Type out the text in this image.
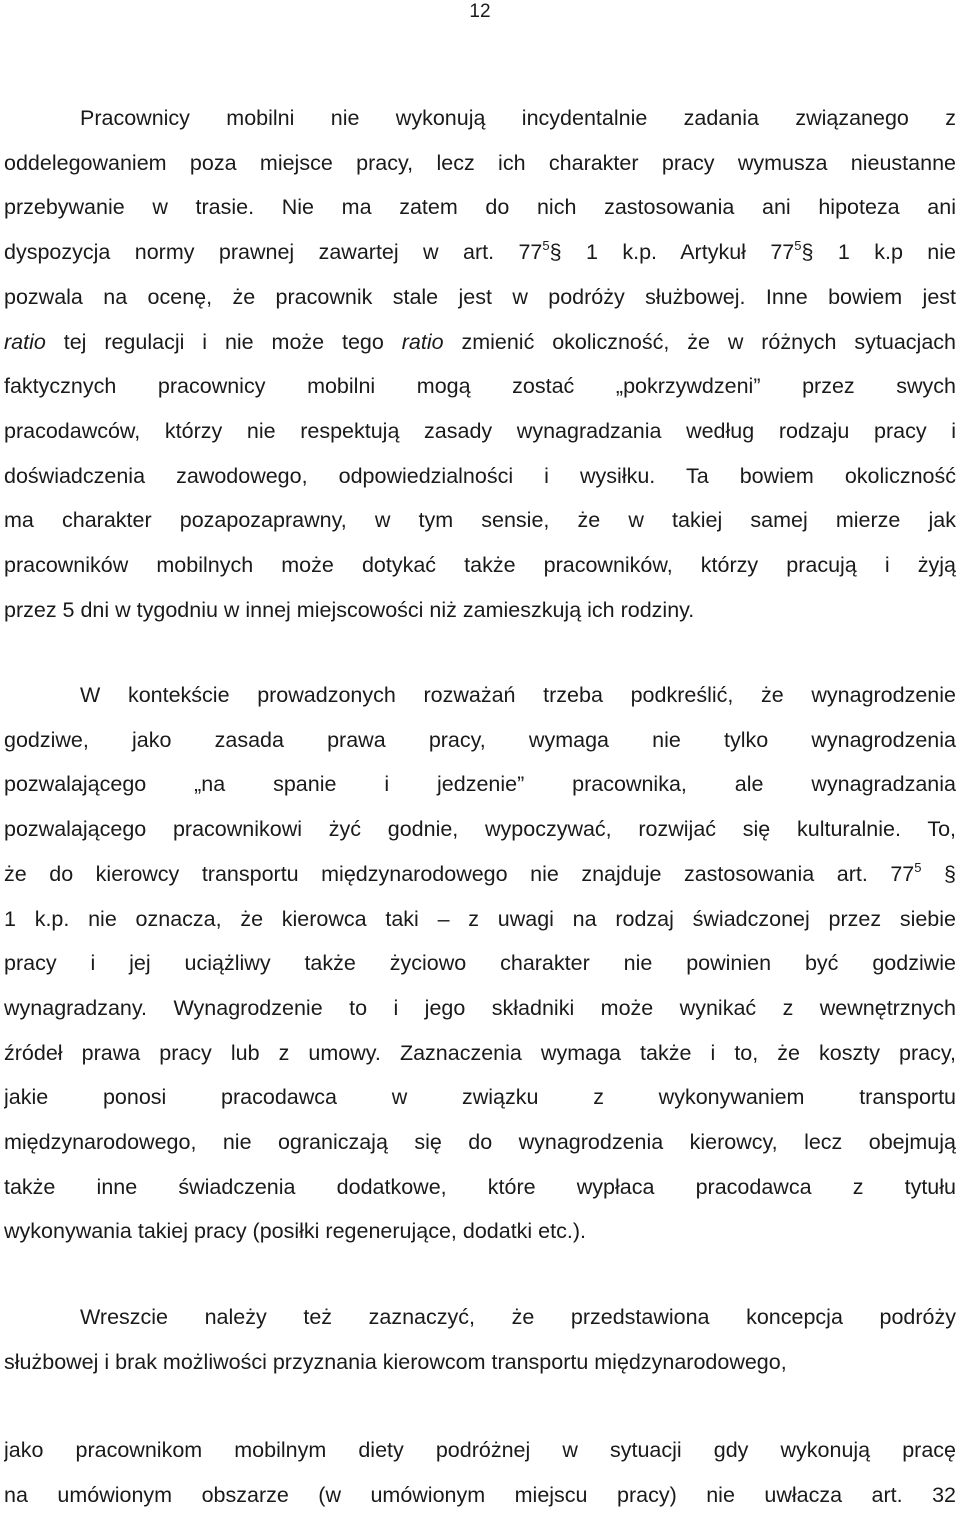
12
Pracownicy mobilni nie wykonują incydentalnie zadania związanego z
oddelegowaniem poza miejsce pracy, lecz ich charakter pracy wymusza nieustanne
przebywanie w trasie. Nie ma zatem do nich zastosowania ani hipoteza ani
dyspozycja normy prawnej zawartej w art. $77^5\S$ 1 k.p. Artykuł $77^5\S$ 1 k.p nie
pozwala na ocenę, że pracownik stale jest w podróży służbowej. Inne bowiem jest
ratio tej regulacji i nie może tego ratio zmienić okoliczność, że w różnych sytuacjach
faktycznych pracownicy mobilni mogą zostać „pokrzywdzeni” przez swych
pracodawców, którzy nie respektują zasady wynagradzania według rodzaju pracy i
doświadczenia zawodowego, odpowiedzialności i wysiłku. Ta bowiem okoliczność
ma charakter pozapozaprawny, w tym sensie, że w takiej samej mierze jak
pracowników mobilnych może dotykać także pracowników, którzy pracują i żyją
przez 5 dni w tygodniu w innej miejscowości niż zamieszkują ich rodziny.
W kontekście prowadzonych rozważań trzeba podkreślić, że wynagrodzenie
godziwe, jako zasada prawa pracy, wymaga nie tylko wynagrodzenia
pozwalającego „na spanie i jedzenie” pracownika, ale wynagradzania
pozwalającego pracownikowi żyć godnie, wypoczywać, rozwijać się kulturalnie. To,
że do kierowcy transportu międzynarodowego nie znajduje zastosowania art. $77^5$ §
1 k.p. nie oznacza, że kierowca taki – z uwagi na rodzaj świadczonej przez siebie
pracy i jej uciążliwy także życiowo charakter nie powinien być godziwie
wynagradzany. Wynagrodzenie to i jego składniki może wynikać z wewnętrznych
źródeł prawa pracy lub z umowy. Zaznaczenia wymaga także i to, że koszty pracy,
jakie ponosi pracodawca w związku z wykonywaniem transportu
międzynarodowego, nie ograniczają się do wynagrodzenia kierowcy, lecz obejmują
także inne świadczenia dodatkowe, które wypłaca pracodawca z tytułu
wykonywania takiej pracy (posiłki regenerujące, dodatki etc.).
Wreszcie należy też zaznaczyć, że przedstawiona koncepcja podróży
służbowej i brak możliwości przyznania kierowcom transportu międzynarodowego,
jako pracownikom mobilnym diety podróżnej w sytuacji gdy wykonują pracę
na umówionym obszarze (w umówionym miejscu pracy) nie uwłacza art. 32
